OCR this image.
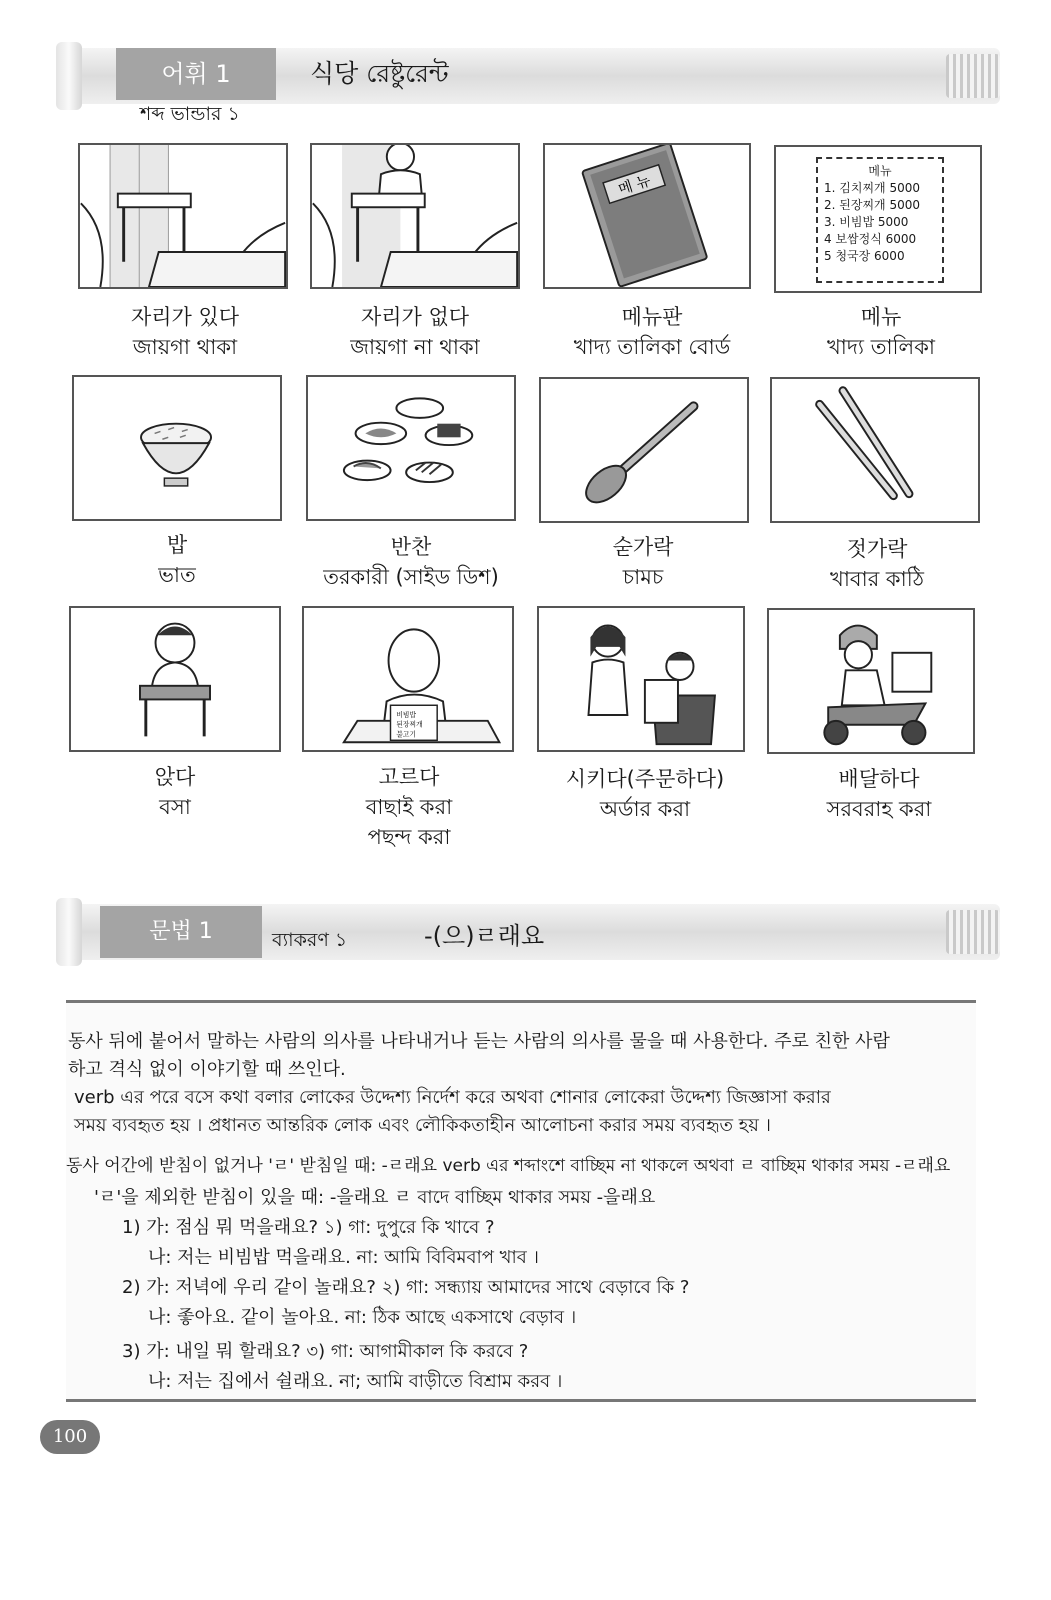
어휘 1	식당 রেষ্টুরেন্ট
শব্দ ভান্ডার ১
메 뉴
메뉴
1. 김치찌개 5000
2. 된장찌개 5000
3. 비빔밥 5000
4 보쌈정식 6000
5 청국장 6000
자리가 있다
জায়গা থাকা
자리가 없다
জায়গা না থাকা
메뉴판
খাদ্য তালিকা বোর্ড
메뉴
খাদ্য তালিকা
밥
ভাত
반찬
তরকারী (সাইড ডিশ)
숟가락
চামচ
젓가락
খাবার কাঠি
비빔밥
된장찌개
불고기
앉다
বসা
고르다
বাছাই করা
পছন্দ করা
시키다(주문하다)
অর্ডার করা
배달하다
সরবরাহ করা
문법 1	ব্যাকরণ ১	-(으)ㄹ래요
동사 뒤에 붙어서 말하는 사람의 의사를 나타내거나 듣는 사람의 의사를 물을 때 사용한다. 주로 친한 사람
하고 격식 없이 이야기할 때 쓰인다.
verb এর পরে বসে কথা বলার লোকের উদ্দেশ্য নির্দেশ করে অথবা শোনার লোকেরা উদ্দেশ্য জিজ্ঞাসা করার
সময় ব্যবহৃত হয় । প্রধানত আন্তরিক লোক এবং লৌকিকতাহীন আলোচনা করার সময় ব্যবহৃত হয় ।
동사 어간에 받침이 없거나 'ㄹ' 받침일 때: -ㄹ래요 verb এর শব্দাংশে বাচ্ছিম না থাকলে অথবা ㄹ বাচ্ছিম থাকার সময় -ㄹ래요
'ㄹ'을 제외한 받침이 있을 때: -을래요 ㄹ বাদে বাচ্ছিম থাকার সময় -을래요
1) 가: 점심 뭐 먹을래요? ১) গা: দুপুরে কি খাবে ?
나: 저는 비빔밥 먹을래요. না: আমি বিবিমবাপ খাব ।
2) 가: 저녁에 우리 같이 놀래요? ২) গা: সন্ধ্যায় আমাদের সাথে বেড়াবে কি ?
나: 좋아요. 같이 놀아요. না: ঠিক আছে একসাথে বেড়াব ।
3) 가: 내일 뭐 할래요? ৩) গা: আগামীকাল কি করবে ?
나: 저는 집에서 쉴래요. না; আমি বাড়ীতে বিশ্রাম করব ।
100
